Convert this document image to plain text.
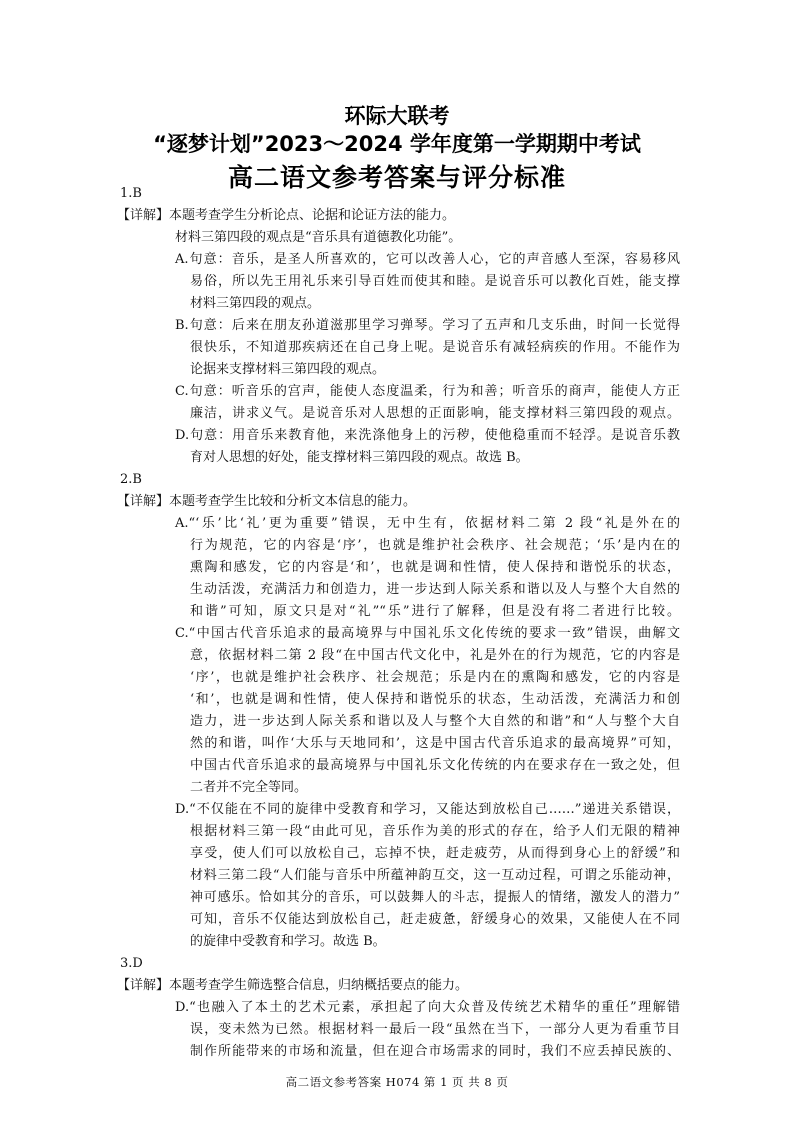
环际大联考
“逐梦计划”2023～2024 学年度第一学期期中考试
高二语文参考答案与评分标准
1.B
【详解】本题考查学生分析论点、论据和论证方法的能力。
材料三第四段的观点是“音乐具有道德教化功能”。
A.句意：音乐，是圣人所喜欢的，它可以改善人心，它的声音感人至深，容易移风
易俗，所以先王用礼乐来引导百姓而使其和睦。是说音乐可以教化百姓，能支撑
材料三第四段的观点。
B.句意：后来在朋友孙道滋那里学习弹琴。学习了五声和几支乐曲，时间一长觉得
很快乐，不知道那疾病还在自己身上呢。是说音乐有减轻病疾的作用。不能作为
论据来支撑材料三第四段的观点。
C.句意：听音乐的宫声，能使人态度温柔，行为和善；听音乐的商声，能使人方正
廉洁，讲求义气。是说音乐对人思想的正面影响，能支撑材料三第四段的观点。
D.句意：用音乐来教育他，来洗涤他身上的污秽，使他稳重而不轻浮。是说音乐教
育对人思想的好处，能支撑材料三第四段的观点。故选 B。
2.B
【详解】本题考查学生比较和分析文本信息的能力。
A.“‘乐’比‘礼’更为重要”错误，无中生有，依据材料二第 2 段“礼是外在的
行为规范，它的内容是‘序’，也就是维护社会秩序、社会规范；‘乐’是内在的
熏陶和感发，它的内容是‘和’，也就是调和性情，使人保持和谐悦乐的状态，
生动活泼，充满活力和创造力，进一步达到人际关系和谐以及人与整个大自然的
和谐”可知，原文只是对“礼”“乐”进行了解释，但是没有将二者进行比较。
C.“中国古代音乐追求的最高境界与中国礼乐文化传统的要求一致”错误，曲解文
意，依据材料二第 2 段“在中国古代文化中，礼是外在的行为规范，它的内容是
‘序’，也就是维护社会秩序、社会规范；乐是内在的熏陶和感发，它的内容是
‘和’，也就是调和性情，使人保持和谐悦乐的状态，生动活泼，充满活力和创
造力，进一步达到人际关系和谐以及人与整个大自然的和谐”和“人与整个大自
然的和谐，叫作‘大乐与天地同和’，这是中国古代音乐追求的最高境界”可知，
中国古代音乐追求的最高境界与中国礼乐文化传统的内在要求存在一致之处，但
二者并不完全等同。
D.“不仅能在不同的旋律中受教育和学习，又能达到放松自己……”递进关系错误，
根据材料三第一段“由此可见，音乐作为美的形式的存在，给予人们无限的精神
享受，使人们可以放松自己，忘掉不快，赶走疲劳，从而得到身心上的舒缓”和
材料三第二段“人们能与音乐中所蕴神韵互交，这一互动过程，可谓之乐能动神，
神可感乐。恰如其分的音乐，可以鼓舞人的斗志，提振人的情绪，激发人的潜力”
可知，音乐不仅能达到放松自己，赶走疲惫，舒缓身心的效果，又能使人在不同
的旋律中受教育和学习。故选 B。
3.D
【详解】本题考查学生筛选整合信息，归纳概括要点的能力。
D.“也融入了本土的艺术元素，承担起了向大众普及传统艺术精华的重任”理解错
误，变未然为已然。根据材料一最后一段“虽然在当下，一部分人更为看重节目
制作所能带来的市场和流量，但在迎合市场需求的同时，我们不应丢掉民族的、
高二语文参考答案 H074 第 1 页 共 8 页
